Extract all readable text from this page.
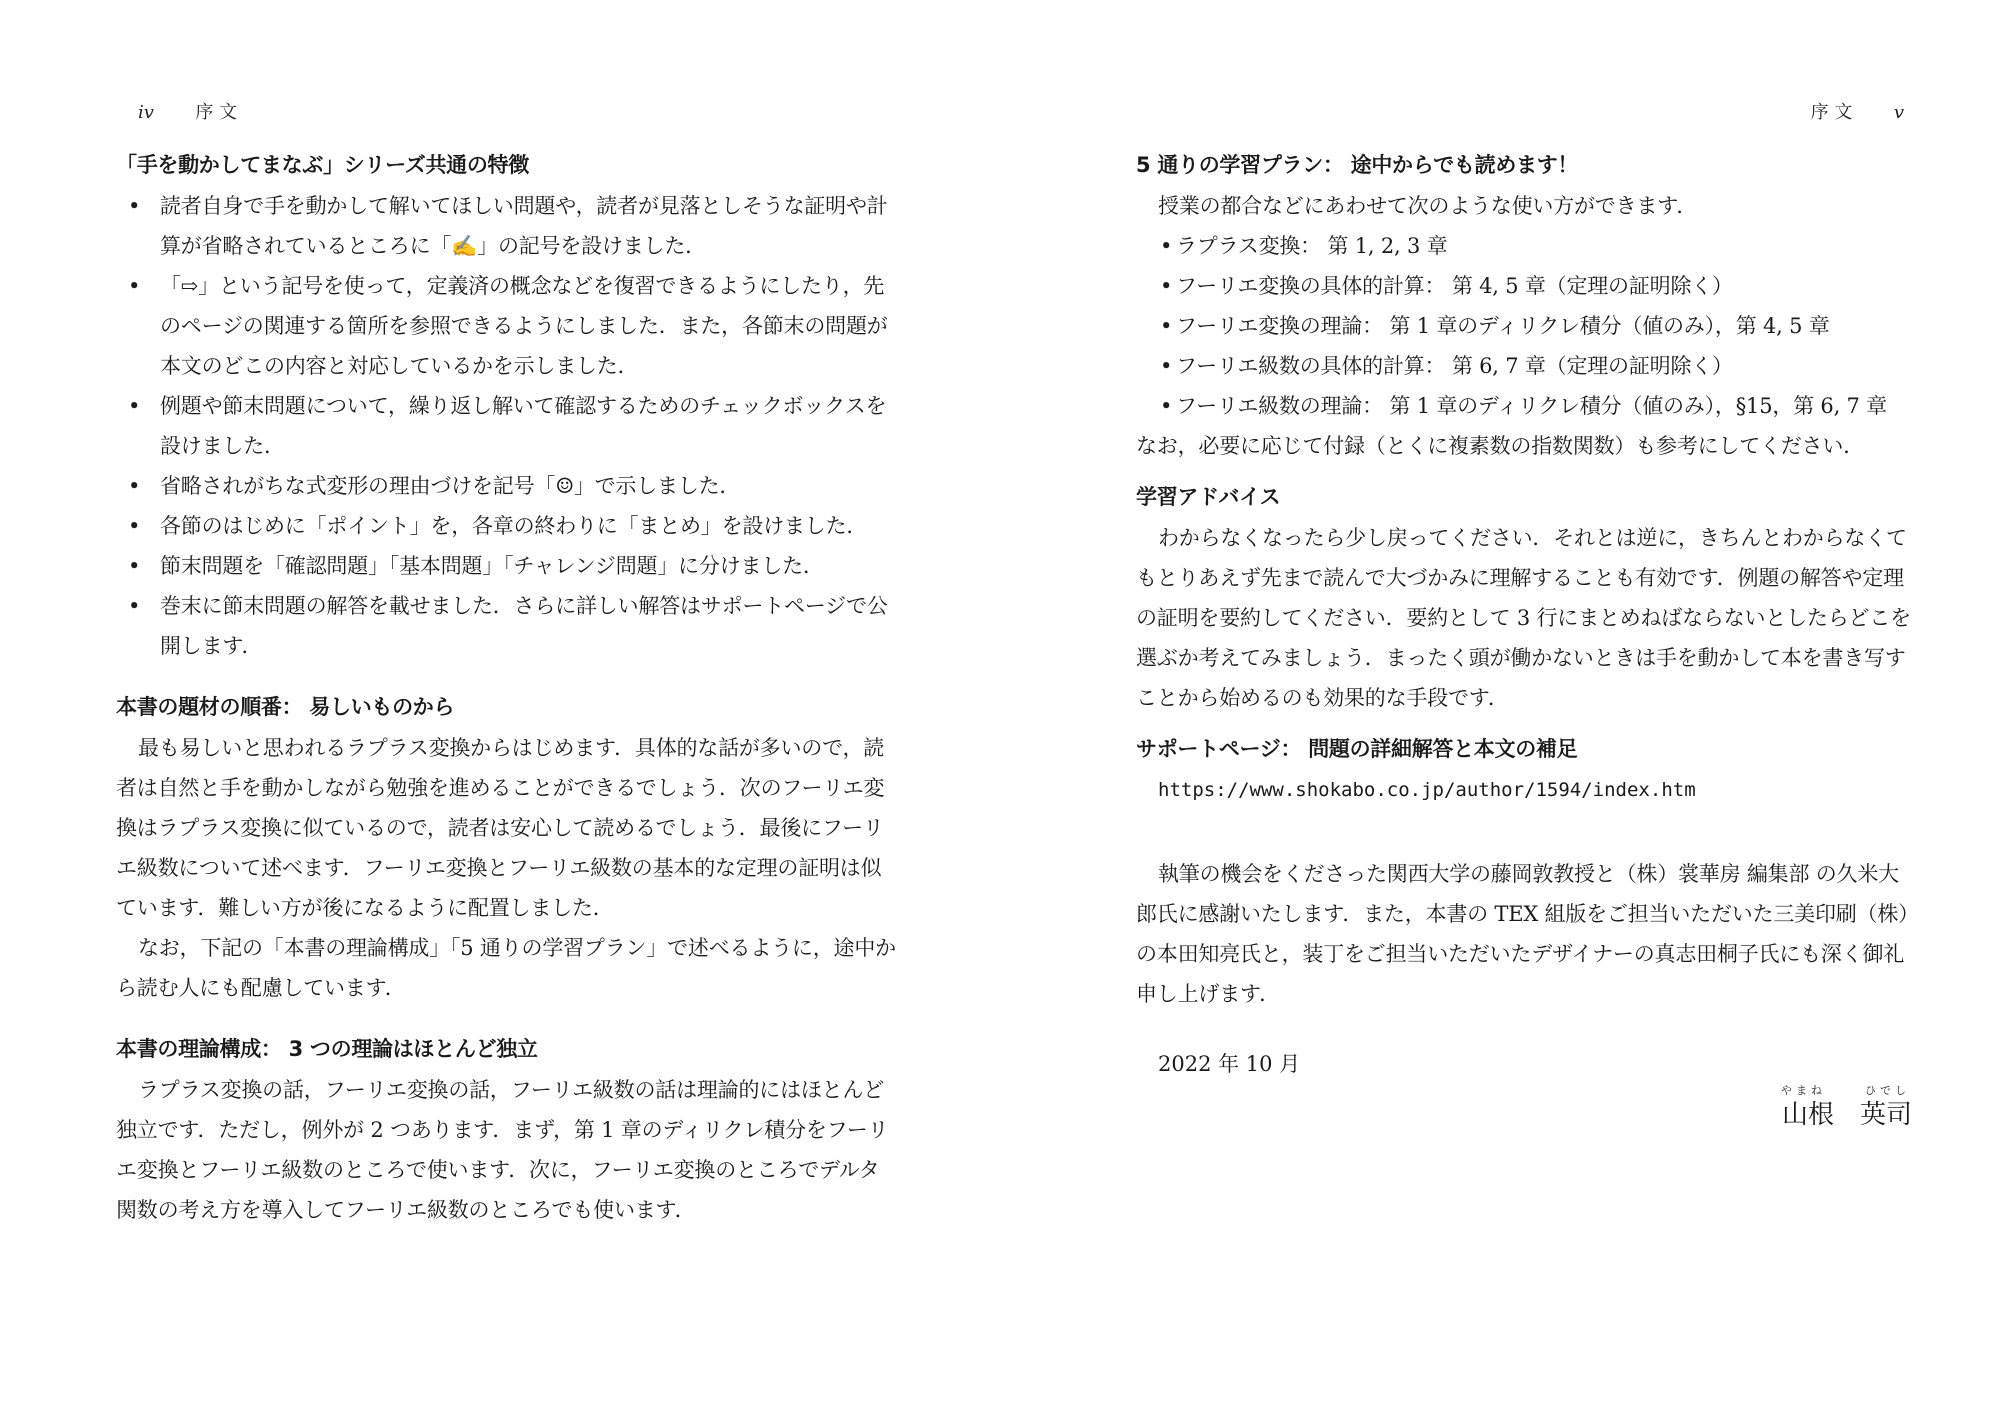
iv 序 文
「手を動かしてまなぶ」シリーズ共通の特徴
• 読者自身で手を動かして解いてほしい問題や，読者が見落としそうな証明や計算が省略されているところに「✍」の記号を設けました．
• 「⇨」という記号を使って，定義済の概念などを復習できるようにしたり，先のページの関連する箇所を参照できるようにしました．また，各節末の問題が本文のどこの内容と対応しているかを示しました．
• 例題や節末問題について，繰り返し解いて確認するためのチェックボックスを設けました．
• 省略されがちな式変形の理由づけを記号「☺」で示しました．
• 各節のはじめに「ポイント」を，各章の終わりに「まとめ」を設けました．
• 節末問題を「確認問題」「基本問題」「チャレンジ問題」に分けました．
• 巻末に節末問題の解答を載せました．さらに詳しい解答はサポートページで公開します．
本書の題材の順番： 易しいものから

最も易しいと思われるラプラス変換からはじめます．具体的な話が多いので，読者は自然と手を動かしながら勉強を進めることができるでしょう．次のフーリエ変換はラプラス変換に似ているので，読者は安心して読めるでしょう．最後にフーリエ級数について述べます．フーリエ変換とフーリエ級数の基本的な定理の証明は似ています．難しい方が後になるように配置しました．

なお，下記の「本書の理論構成」「5 通りの学習プラン」で述べるように，途中から読む人にも配慮しています．

本書の理論構成： 3 つの理論はほとんど独立

ラプラス変換の話，フーリエ変換の話，フーリエ級数の話は理論的にはほとんど独立です．ただし，例外が 2 つあります．まず，第 1 章のディリクレ積分をフーリエ変換とフーリエ級数のところで使います．次に，フーリエ変換のところでデルタ関数の考え方を導入してフーリエ級数のところでも使います．

序 文 v
5 通りの学習プラン： 途中からでも読めます！

授業の都合などにあわせて次のような使い方ができます．

• ラプラス変換： 第 1, 2, 3 章
• フーリエ変換の具体的計算： 第 4, 5 章（定理の証明除く）
• フーリエ変換の理論： 第 1 章のディリクレ積分（値のみ），第 4, 5 章
• フーリエ級数の具体的計算： 第 6, 7 章（定理の証明除く）
• フーリエ級数の理論： 第 1 章のディリクレ積分（値のみ），§15，第 6, 7 章

なお，必要に応じて付録（とくに複素数の指数関数）も参考にしてください．

学習アドバイス

わからなくなったら少し戻ってください．それとは逆に，きちんとわからなくてもとりあえず先まで読んで大づかみに理解することも有効です．例題の解答や定理の証明を要約してください．要約として 3 行にまとめねばならないとしたらどこを選ぶか考えてみましょう．まったく頭が働かないときは手を動かして本を書き写すことから始めるのも効果的な手段です．

サポートページ： 問題の詳細解答と本文の補足
https://www.shokabo.co.jp/author/1594/index.htm

執筆の機会をくださった関西大学の藤岡敦教授と（株）裳華房 編集部 の久米大郎氏に感謝いたします．また，本書の TEX 組版をご担当いただいた三美印刷（株）の本田知亮氏と，装丁をご担当いただいたデザイナーの真志田桐子氏にも深く御礼申し上げます．

2022 年 10 月
やまね	ひでし
山根　英司
